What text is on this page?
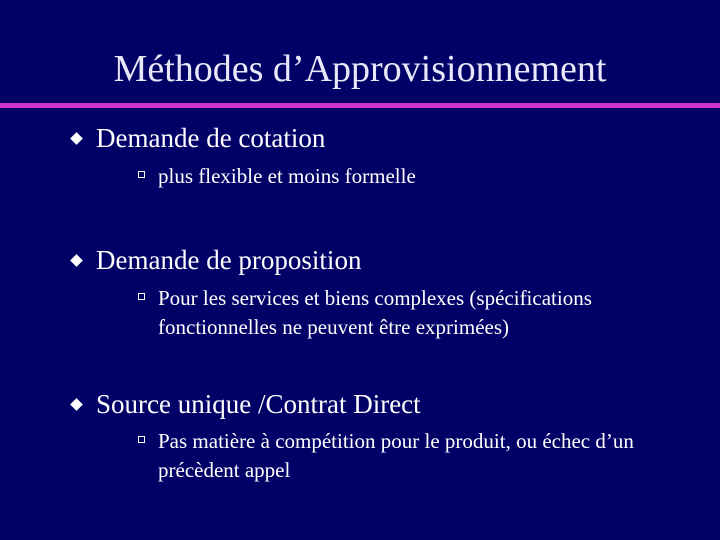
Méthodes d’Approvisionnement
Demande de cotation
plus flexible et moins formelle
Demande de proposition
Pour les services et biens complexes (spécifications fonctionnelles ne peuvent être exprimées)
Source unique /Contrat Direct
Pas matière à compétition pour le produit, ou échec d’un précèdent appel
